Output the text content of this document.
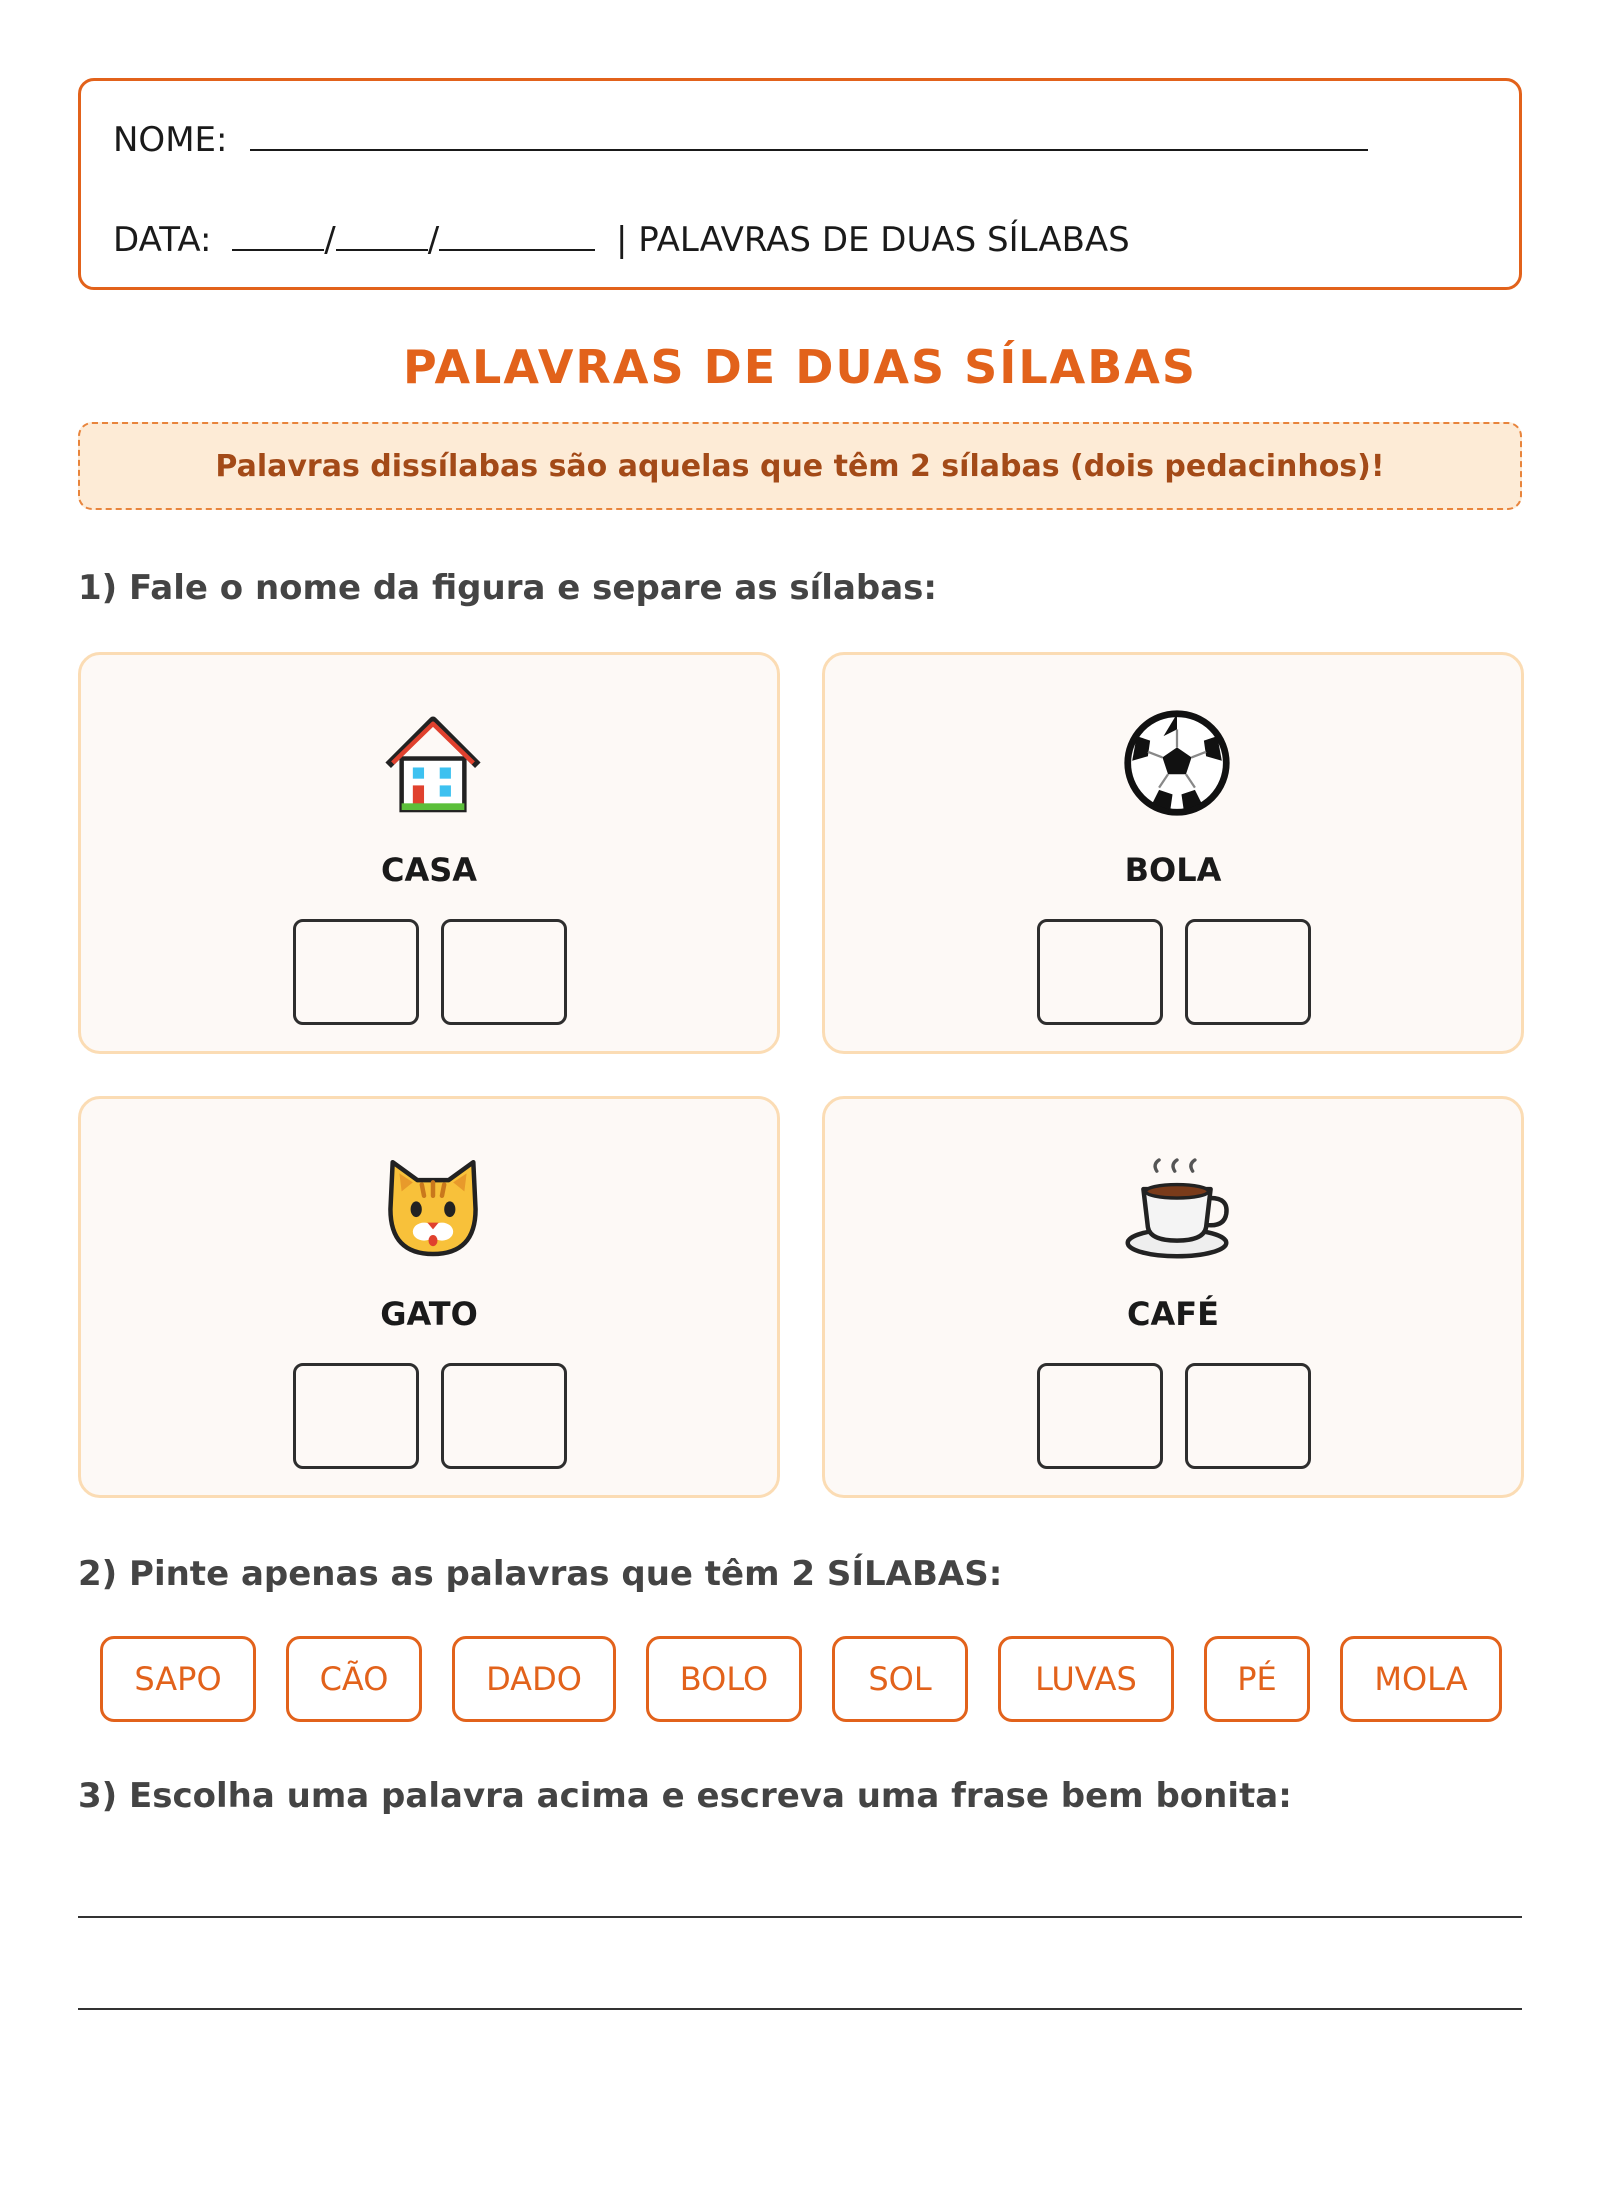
NOME:
DATA:	/	/	| PALAVRAS DE DUAS SÍLABAS
PALAVRAS DE DUAS SÍLABAS
Palavras dissílabas são aquelas que têm 2 sílabas (dois pedacinhos)!
1) Fale o nome da figura e separe as sílabas:
CASA	BOLA
GATO	CAFÉ
2) Pinte apenas as palavras que têm 2 SÍLABAS:
SAPO	CÃO	DADO	BOLO	SOL	LUVAS	PÉ	MOLA
3) Escolha uma palavra acima e escreva uma frase bem bonita:
